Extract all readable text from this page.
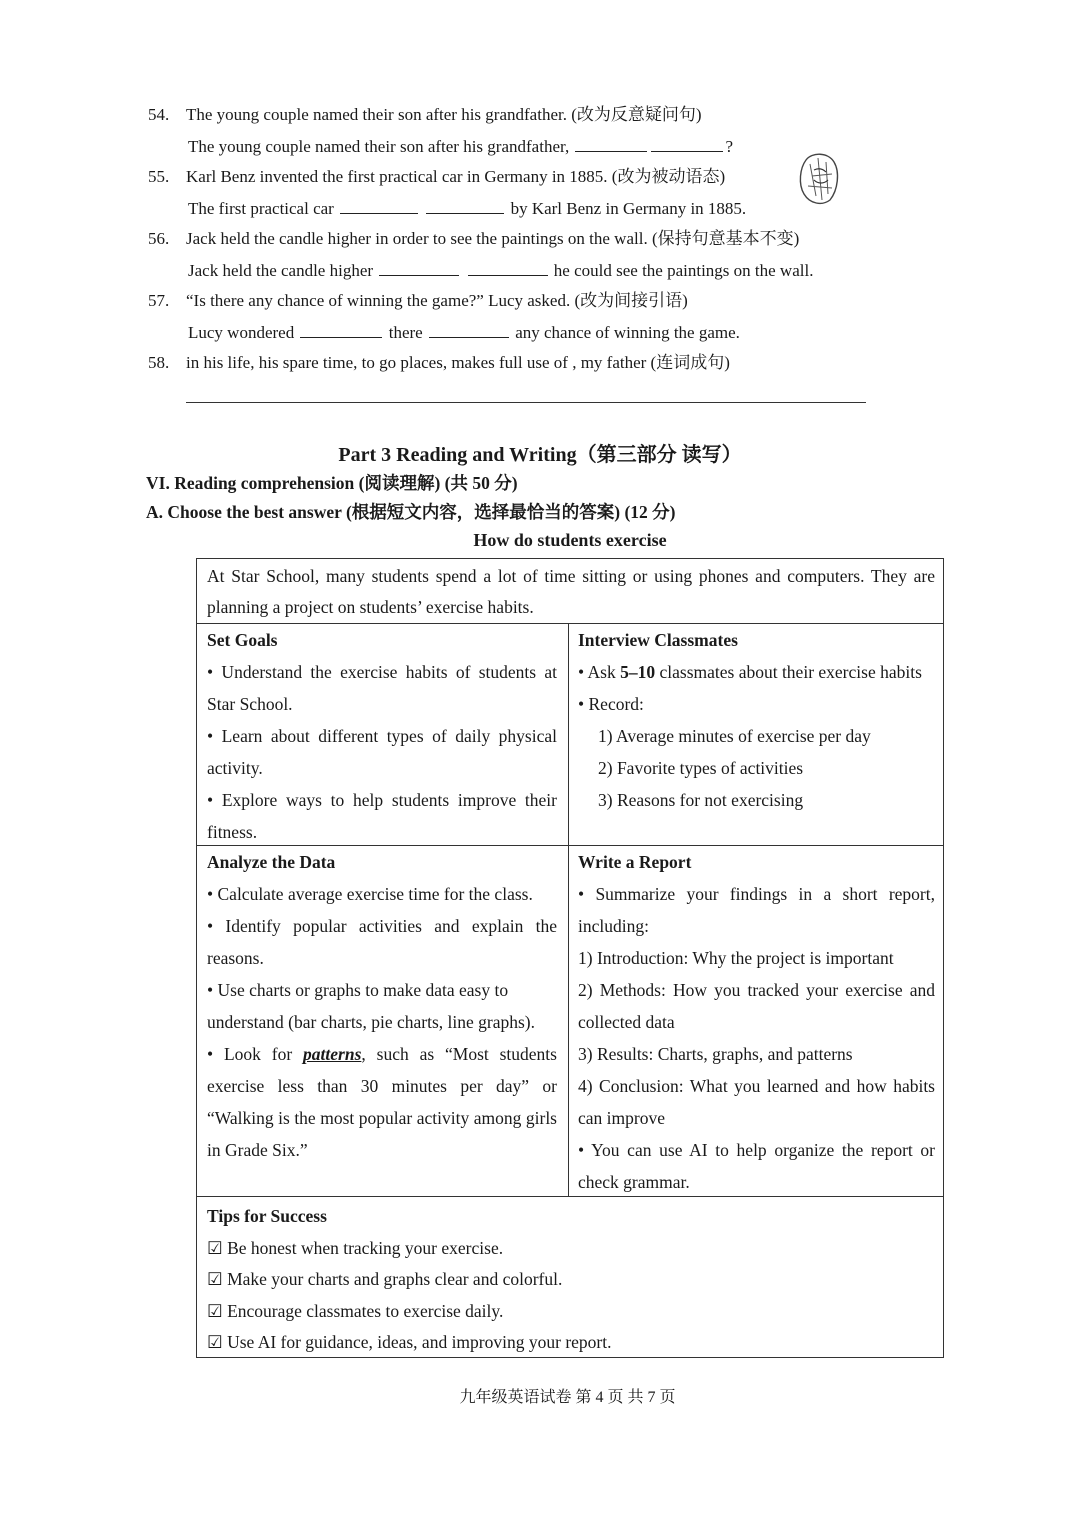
54. The young couple named their son after his grandfather. (改为反意疑问句)
The young couple named their son after his grandfather,	?
55. Karl Benz invented the first practical car in Germany in 1885. (改为被动语态)
The first practical car	by Karl Benz in Germany in 1885.
56. Jack held the candle higher in order to see the paintings on the wall. (保持句意基本不变)
Jack held the candle higher	he could see the paintings on the wall.
57. “Is there any chance of winning the game?” Lucy asked. (改为间接引语)
Lucy wondered	there	any chance of winning the game.
58. in his life, his spare time, to go places, makes full use of , my father (连词成句)
Part 3 Reading and Writing（第三部分 读写）
VI. Reading comprehension (阅读理解) (共 50 分)
A. Choose the best answer (根据短文内容，选择最恰当的答案) (12 分)
How do students exercise
At Star School, many students spend a lot of time sitting or using phones and computers. They are planning a project on students’ exercise habits.
Set Goals
• Understand the exercise habits of students at Star School.
• Learn about different types of daily physical activity.
• Explore ways to help students improve their fitness.
Interview Classmates
• Ask 5–10 classmates about their exercise habits
• Record:
1) Average minutes of exercise per day
2) Favorite types of activities
3) Reasons for not exercising
Analyze the Data
• Calculate average exercise time for the class.
• Identify popular activities and explain the reasons.
• Use charts or graphs to make data easy to understand (bar charts, pie charts, line graphs).
• Look for patterns, such as “Most students exercise less than 30 minutes per day” or “Walking is the most popular activity among girls in Grade Six.”
Write a Report
• Summarize your findings in a short report, including:
1) Introduction: Why the project is important
2) Methods: How you tracked your exercise and collected data
3) Results: Charts, graphs, and patterns
4) Conclusion: What you learned and how habits can improve
• You can use AI to help organize the report or check grammar.
Tips for Success
☑ Be honest when tracking your exercise.
☑ Make your charts and graphs clear and colorful.
☑ Encourage classmates to exercise daily.
☑ Use AI for guidance, ideas, and improving your report.
九年级英语试卷 第 4 页 共 7 页
